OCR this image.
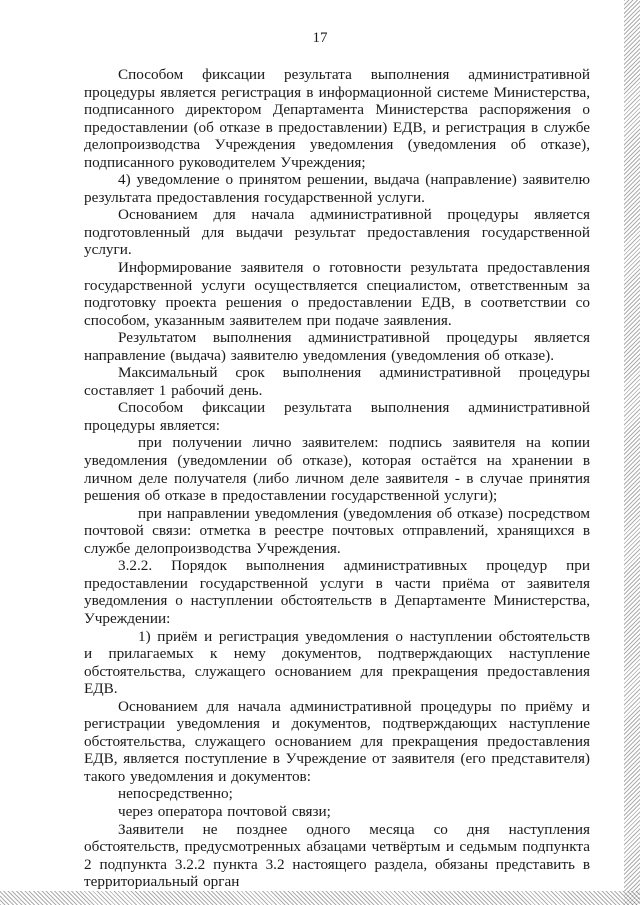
17

Способом фиксации результата выполнения административной процедуры является регистрация в информационной системе Министерства, подписанного директором Департамента Министерства распоряжения о предоставлении (об отказе в предоставлении) ЕДВ, и регистрация в службе делопроизводства Учреждения уведомления (уведомления об отказе), подписанного руководителем Учреждения;

4) уведомление о принятом решении, выдача (направление) заявителю результата предоставления государственной услуги.

Основанием для начала административной процедуры является подготовленный для выдачи результат предоставления государственной услуги.

Информирование заявителя о готовности результата предоставления государственной услуги осуществляется специалистом, ответственным за подготовку проекта решения о предоставлении ЕДВ, в соответствии со способом, указанным заявителем при подаче заявления.

Результатом выполнения административной процедуры является направление (выдача) заявителю уведомления (уведомления об отказе).

Максимальный срок выполнения административной процедуры составляет 1 рабочий день.

Способом фиксации результата выполнения административной процедуры является:

при получении лично заявителем: подпись заявителя на копии уведомления (уведомлении об отказе), которая остаётся на хранении в личном деле получателя (либо личном деле заявителя - в случае принятия решения об отказе в предоставлении государственной услуги);

при направлении уведомления (уведомления об отказе) посредством почтовой связи: отметка в реестре почтовых отправлений, хранящихся в службе делопроизводства Учреждения.

3.2.2. Порядок выполнения административных процедур при предоставлении государственной услуги в части приёма от заявителя уведомления о наступлении обстоятельств в Департаменте Министерства, Учреждении:

1) приём и регистрация уведомления о наступлении обстоятельств и прилагаемых к нему документов, подтверждающих наступление обстоятельства, служащего основанием для прекращения предоставления ЕДВ.

Основанием для начала административной процедуры по приёму и регистрации уведомления и документов, подтверждающих наступление обстоятельства, служащего основанием для прекращения предоставления ЕДВ, является поступление в Учреждение от заявителя (его представителя) такого уведомления и документов:

непосредственно;

через оператора почтовой связи;

Заявители не позднее одного месяца со дня наступления обстоятельств, предусмотренных абзацами четвёртым и седьмым подпункта 2 подпункта 3.2.2 пункта 3.2 настоящего раздела, обязаны представить в территориальный орган
